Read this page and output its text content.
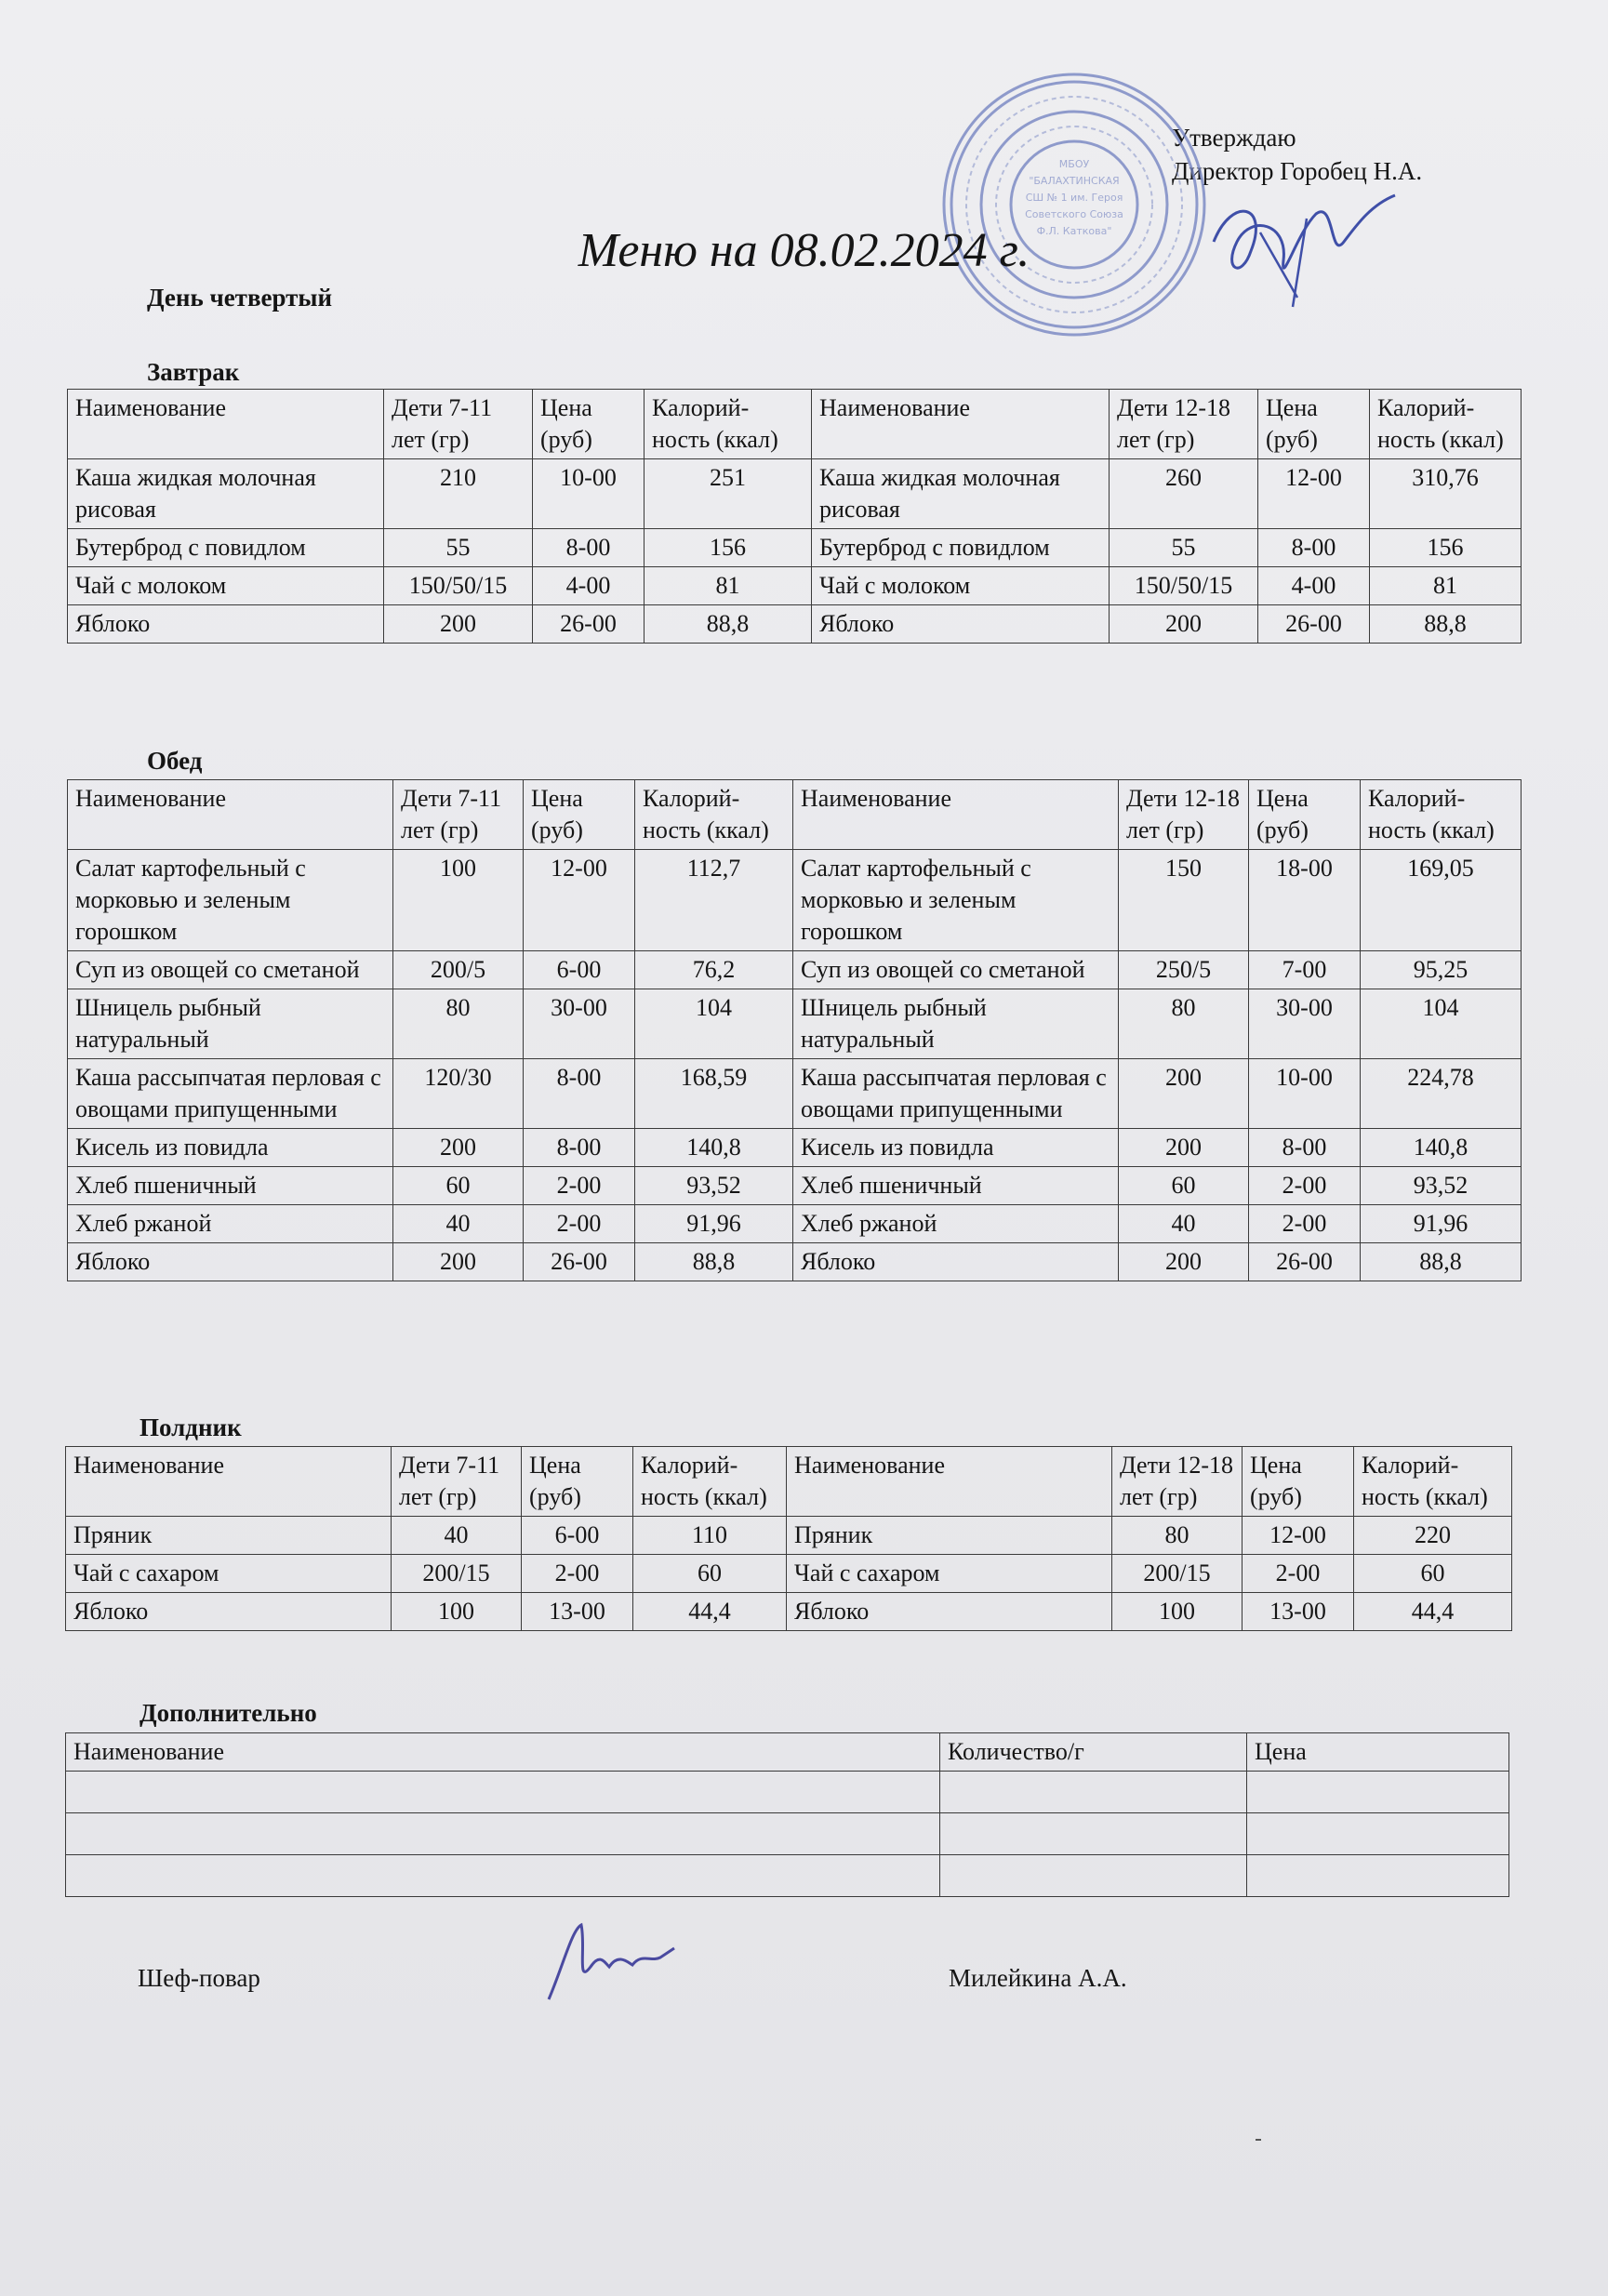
Утверждаю
Директор Горобец Н.А.
МБОУ
"БАЛАХТИНСКАЯ
СШ № 1 им. Героя
Советского Союза
Ф.Л. Каткова"
Меню на 08.02.2024 г.
День четвертый
Завтрак
Наименование	Дети 7-11 лет (гр)	Цена (руб)	Калорий-ность (ккал)	Наименование	Дети 12-18 лет (гр)	Цена (руб)	Калорий-ность (ккал)
Каша жидкая молочная рисовая	210	10-00	251	Каша жидкая молочная рисовая	260	12-00	310,76
Бутерброд с повидлом	55	8-00	156	Бутерброд с повидлом	55	8-00	156
Чай с молоком	150/50/15	4-00	81	Чай с молоком	150/50/15	4-00	81
Яблоко	200	26-00	88,8	Яблоко	200	26-00	88,8
Обед
Наименование	Дети 7-11 лет (гр)	Цена (руб)	Калорий-ность (ккал)	Наименование	Дети 12-18 лет (гр)	Цена (руб)	Калорий-ность (ккал)
Салат картофельный с морковью и зеленым горошком	100	12-00	112,7	Салат картофельный с морковью и зеленым горошком	150	18-00	169,05
Суп из овощей со сметаной	200/5	6-00	76,2	Суп из овощей со сметаной	250/5	7-00	95,25
Шницель рыбный натуральный	80	30-00	104	Шницель рыбный натуральный	80	30-00	104
Каша рассыпчатая перловая с овощами припущенными	120/30	8-00	168,59	Каша рассыпчатая перловая с овощами припущенными	200	10-00	224,78
Кисель из повидла	200	8-00	140,8	Кисель из повидла	200	8-00	140,8
Хлеб пшеничный	60	2-00	93,52	Хлеб пшеничный	60	2-00	93,52
Хлеб ржаной	40	2-00	91,96	Хлеб ржаной	40	2-00	91,96
Яблоко	200	26-00	88,8	Яблоко	200	26-00	88,8
Полдник
Наименование	Дети 7-11 лет (гр)	Цена (руб)	Калорий-ность (ккал)	Наименование	Дети 12-18 лет (гр)	Цена (руб)	Калорий-ность (ккал)
Пряник	40	6-00	110	Пряник	80	12-00	220
Чай с сахаром	200/15	2-00	60	Чай с сахаром	200/15	2-00	60
Яблоко	100	13-00	44,4	Яблоко	100	13-00	44,4
Дополнительно
Наименование	Количество/г	Цена

Шеф-повар	Милейкина А.А.
